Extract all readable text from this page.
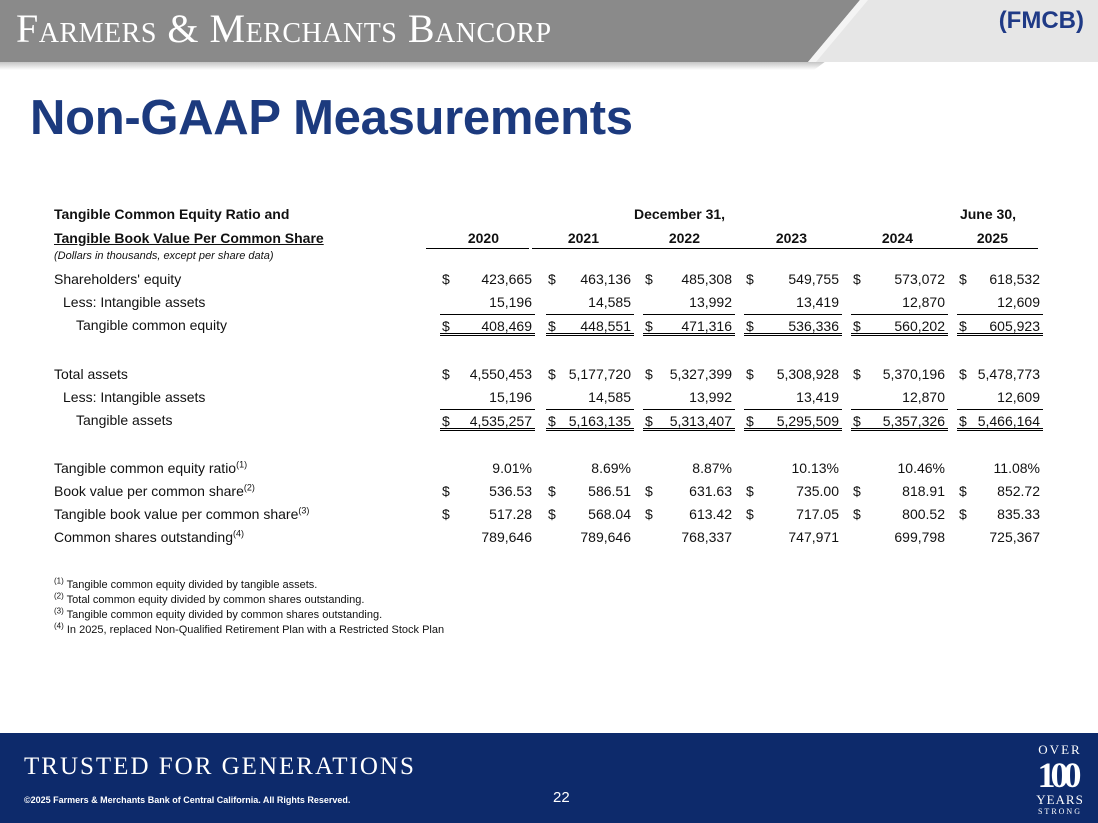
Farmers & Merchants Bancorp	(FMCB)
Non-GAAP Measurements
Tangible Common Equity Ratio and	December 31,	June 30,
Tangible Book Value Per Common Share	2020	2021	2022	2023	2024	2025
(Dollars in thousands, except per share data)
Shareholders' equity	$ 423,665 $ 463,136 $ 485,308 $ 549,755 $ 573,072 $ 618,532
Less: Intangible assets	15,196	14,585	13,992	13,419	12,870	12,609
Tangible common equity	$ 408,469 $ 448,551 $ 471,316 $ 536,336 $ 560,202 $ 605,923
Total assets	$ 4,550,453 $ 5,177,720 $ 5,327,399 $ 5,308,928 $ 5,370,196 $ 5,478,773
Less: Intangible assets	15,196	14,585	13,992	13,419	12,870	12,609
Tangible assets	$ 4,535,257 $ 5,163,135 $ 5,313,407 $ 5,295,509 $ 5,357,326 $ 5,466,164
Tangible common equity ratio$^{(1)}$	9.01%	8.69%	8.87%	10.13%	10.46%	11.08%
Book value per common share$^{(2)}$	$	536.53 $ 586.51 $	631.63 $	735.00 $	818.91 $ 852.72
Tangible book value per common share$^{(3)}$	$	517.28 $ 568.04 $	613.42 $	717.05 $	800.52 $ 835.33
Common shares outstanding$^{(4)}$	789,646	789,646	768,337	747,971	699,798	725,367
$^{(1)}$ Tangible common equity divided by tangible assets.
$^{(2)}$ Total common equity divided by common shares outstanding.
$^{(3)}$ Tangible common equity divided by common shares outstanding.
$^{(4)}$ In 2025, replaced Non-Qualified Retirement Plan with a Restricted Stock Plan
TRUSTED FOR GENERATIONS
©2025 Farmers & Merchants Bank of Central California. All Rights Reserved.	22
OVER
100
YEARS
STRONG
